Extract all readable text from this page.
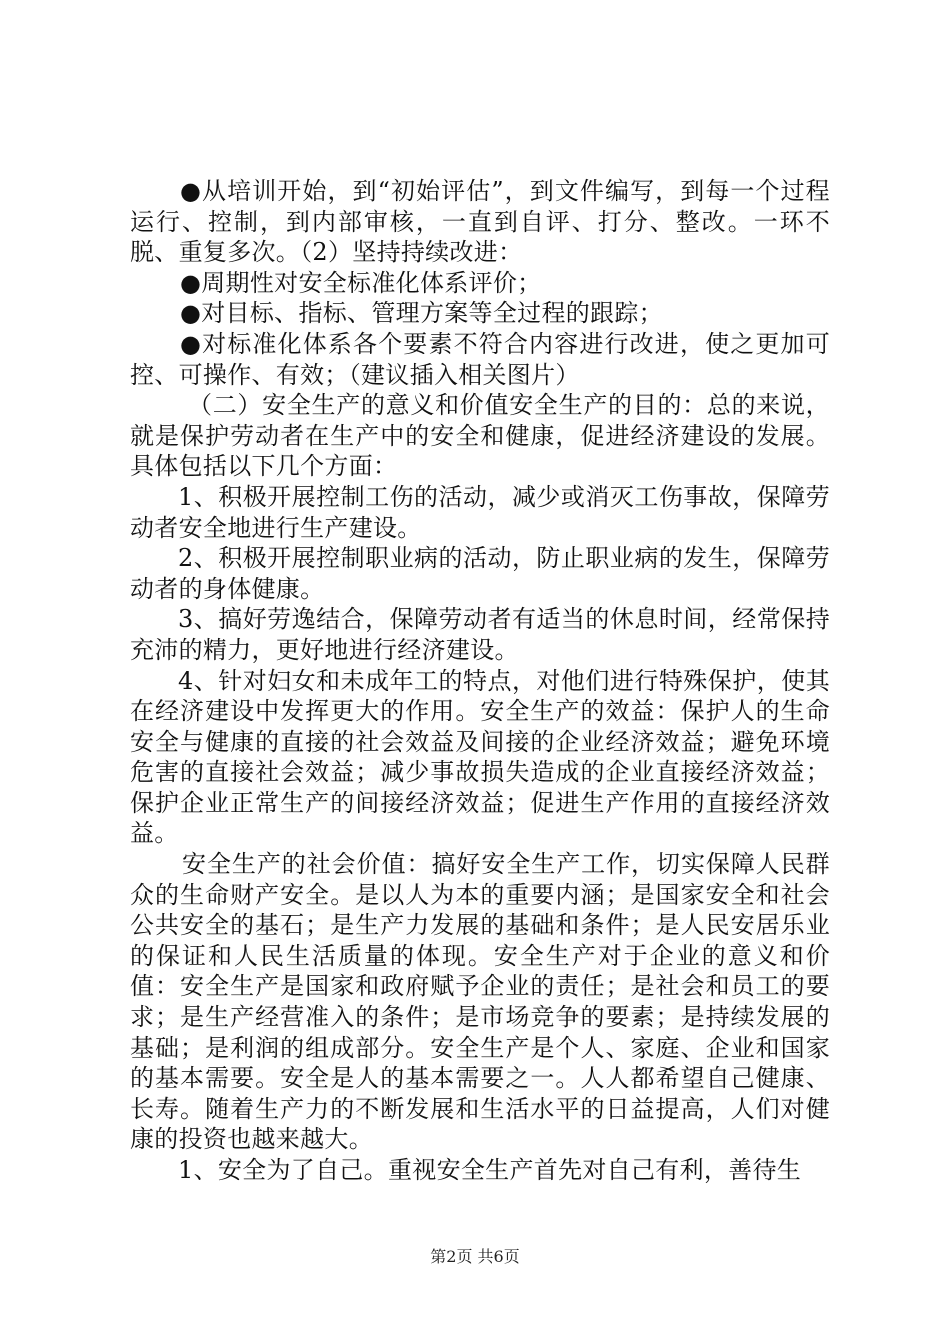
●从培训开始，到“初始评估”，到文件编写，到每一个过程运行、控制，到内部审核，一直到自评、打分、整改。一环不脱、重复多次。（2）坚持持续改进：

●周期性对安全标准化体系评价；

●对目标、指标、管理方案等全过程的跟踪；

●对标准化体系各个要素不符合内容进行改进，使之更加可控、可操作、有效；（建议插入相关图片）

（二）安全生产的意义和价值安全生产的目的：总的来说，就是保护劳动者在生产中的安全和健康，促进经济建设的发展。具体包括以下几个方面：

1、积极开展控制工伤的活动，减少或消灭工伤事故，保障劳动者安全地进行生产建设。

2、积极开展控制职业病的活动，防止职业病的发生，保障劳动者的身体健康。

3、搞好劳逸结合，保障劳动者有适当的休息时间，经常保持充沛的精力，更好地进行经济建设。

4、针对妇女和未成年工的特点，对他们进行特殊保护，使其在经济建设中发挥更大的作用。安全生产的效益：保护人的生命安全与健康的直接的社会效益及间接的企业经济效益；避免环境危害的直接社会效益；减少事故损失造成的企业直接经济效益；保护企业正常生产的间接经济效益；促进生产作用的直接经济效益。

安全生产的社会价值：搞好安全生产工作，切实保障人民群众的生命财产安全。是以人为本的重要内涵；是国家安全和社会公共安全的基石；是生产力发展的基础和条件；是人民安居乐业的保证和人民生活质量的体现。安全生产对于企业的意义和价值：安全生产是国家和政府赋予企业的责任；是社会和员工的要求；是生产经营准入的条件；是市场竞争的要素；是持续发展的基础；是利润的组成部分。安全生产是个人、家庭、企业和国家的基本需要。安全是人的基本需要之一。人人都希望自己健康、长寿。随着生产力的不断发展和生活水平的日益提高，人们对健康的投资也越来越大。

1、安全为了自己。重视安全生产首先对自己有利，善待生

第2页 共6页
